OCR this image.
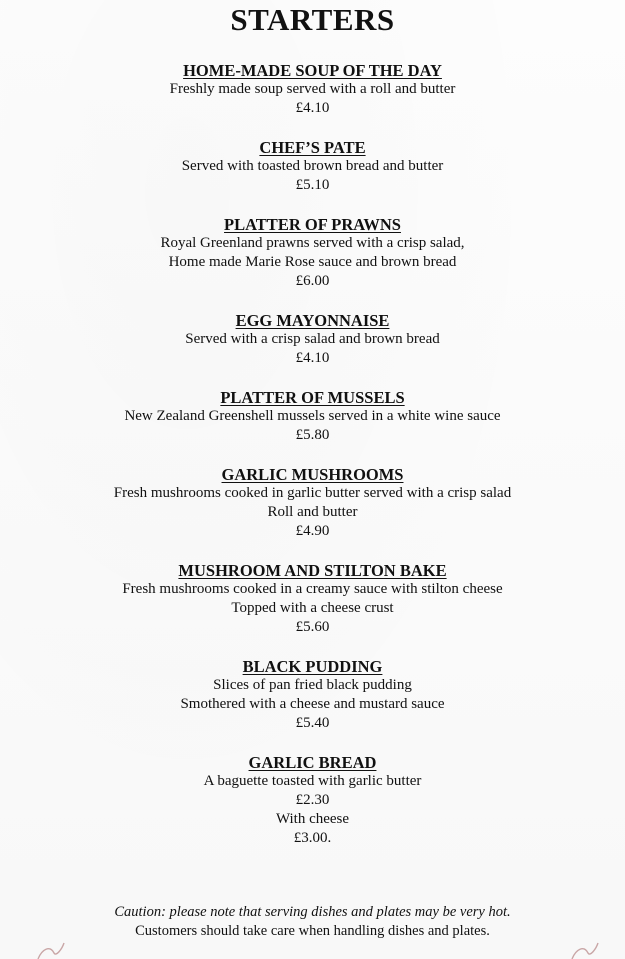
STARTERS
HOME-MADE SOUP OF THE DAY

Freshly made soup served with a roll and butter

£4.10

CHEF’S PATE

Served with toasted brown bread and butter

£5.10

PLATTER OF PRAWNS

Royal Greenland prawns served with a crisp salad,

Home made Marie Rose sauce and brown bread

£6.00

EGG MAYONNAISE

Served with a crisp salad and brown bread

£4.10

PLATTER OF MUSSELS

New Zealand Greenshell mussels served in a white wine sauce

£5.80

GARLIC MUSHROOMS

Fresh mushrooms cooked in garlic butter served with a crisp salad

Roll and butter

£4.90

MUSHROOM AND STILTON BAKE

Fresh mushrooms cooked in a creamy sauce with stilton cheese

Topped with a cheese crust

£5.60

BLACK PUDDING

Slices of pan fried black pudding

Smothered with a cheese and mustard sauce

£5.40

GARLIC BREAD

A baguette toasted with garlic butter

£2.30

With cheese

£3.00.

Caution: please note that serving dishes and plates may be very hot.

Customers should take care when handling dishes and plates.
